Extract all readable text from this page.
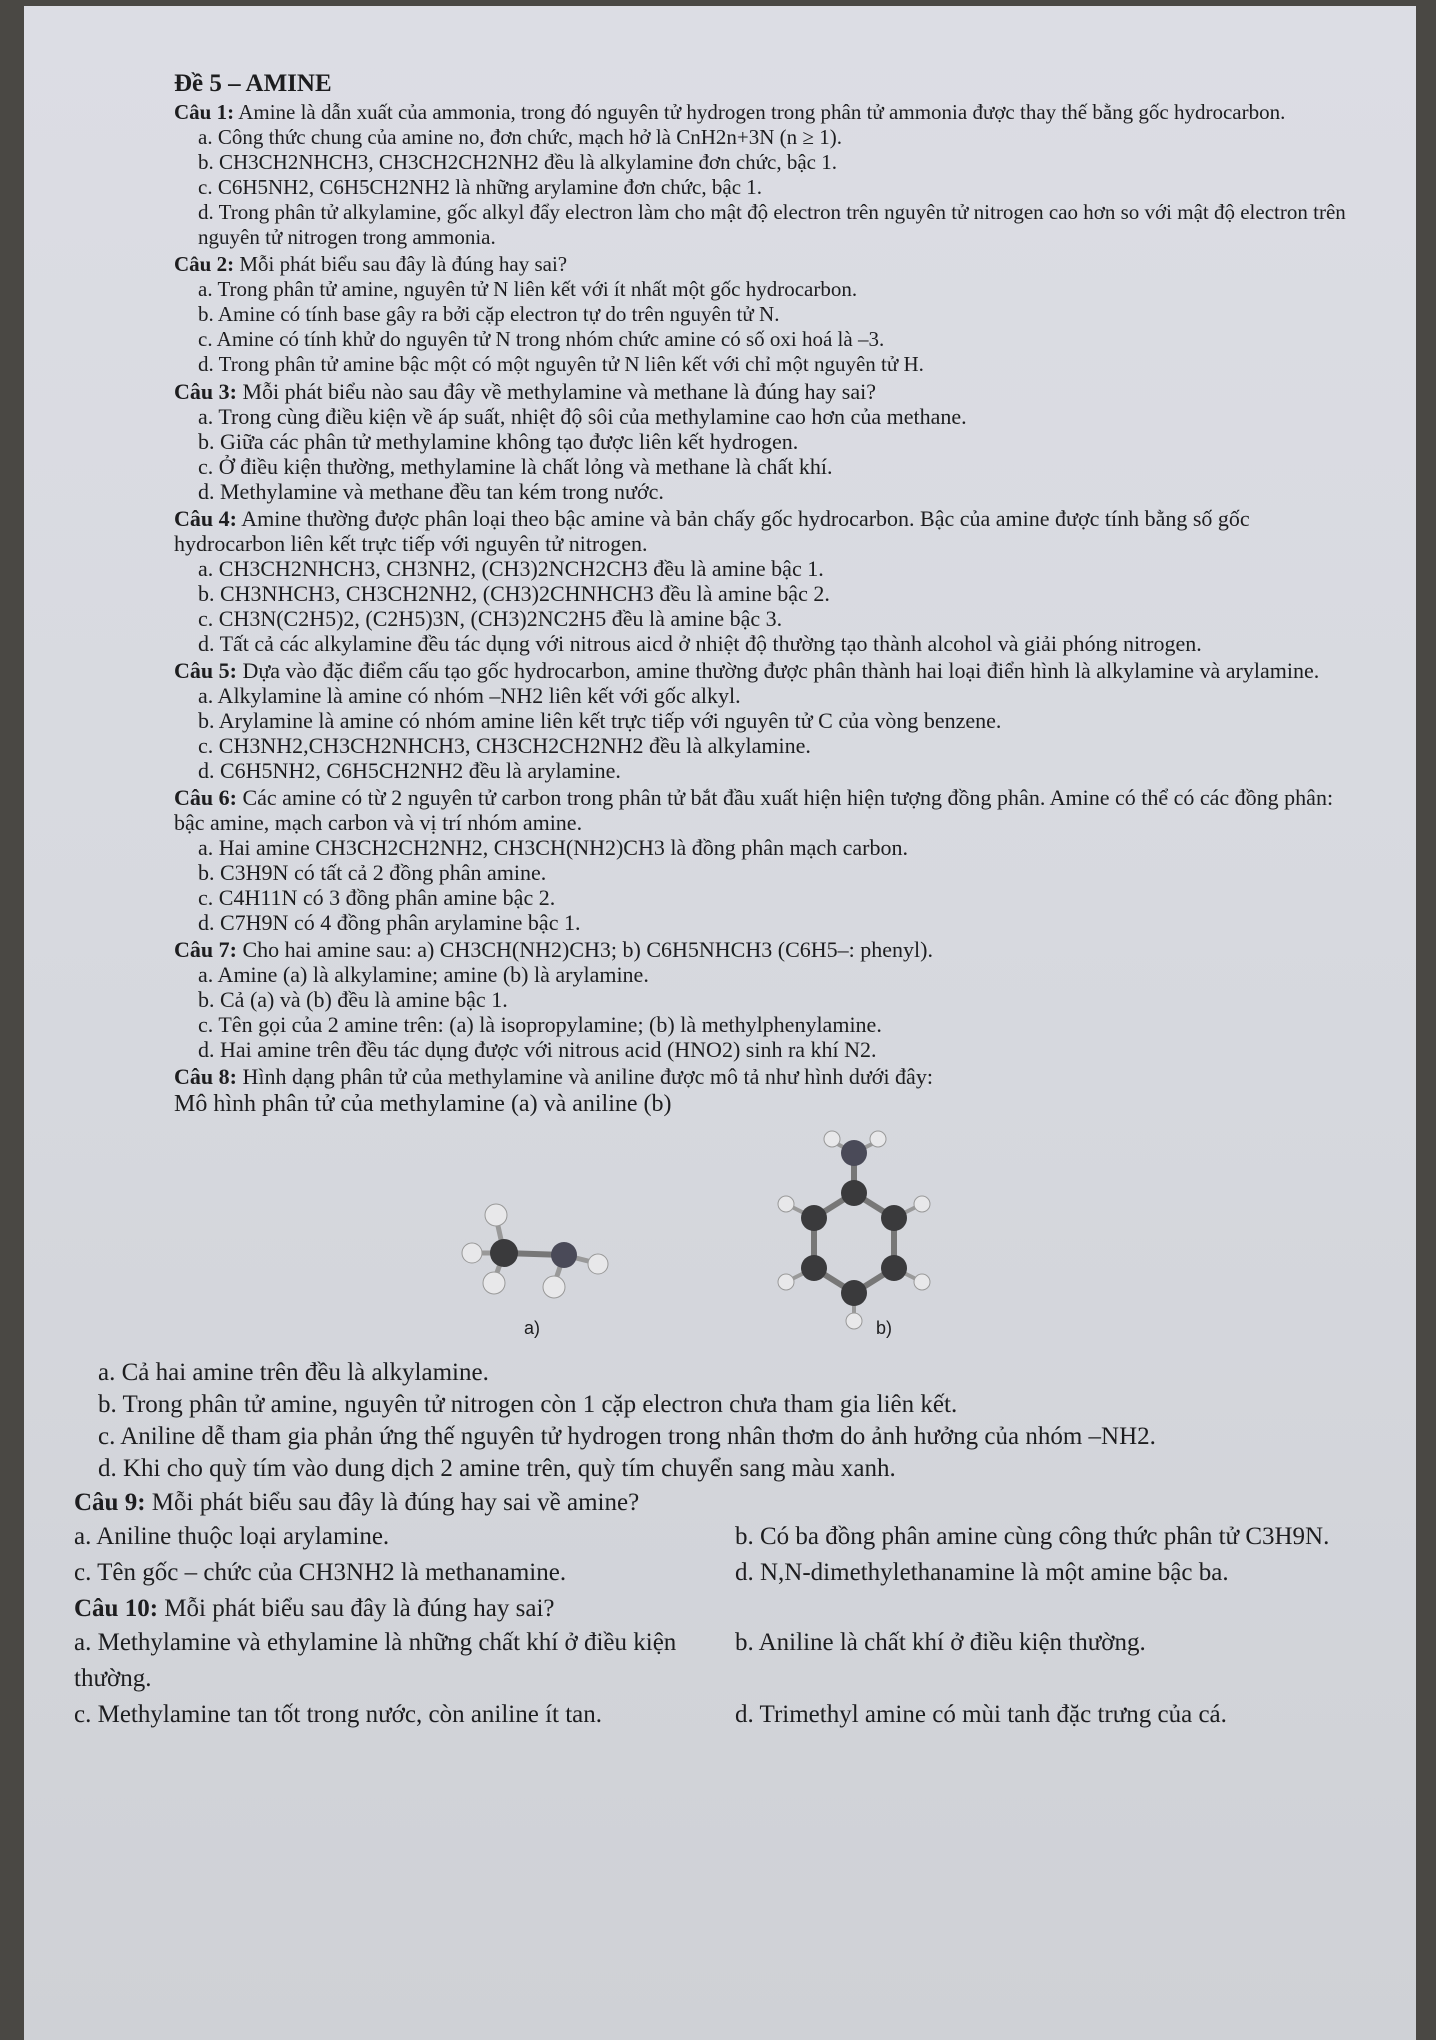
Đề 5 – AMINE
Câu 1: Amine là dẫn xuất của ammonia, trong đó nguyên tử hydrogen trong phân tử ammonia được thay thế bằng gốc hydrocarbon.
a. Công thức chung của amine no, đơn chức, mạch hở là CnH2n+3N (n ≥ 1).
b. CH3CH2NHCH3, CH3CH2CH2NH2 đều là alkylamine đơn chức, bậc 1.
c. C6H5NH2, C6H5CH2NH2 là những arylamine đơn chức, bậc 1.
d. Trong phân tử alkylamine, gốc alkyl đẩy electron làm cho mật độ electron trên nguyên tử nitrogen cao hơn so với mật độ electron trên nguyên tử nitrogen trong ammonia.
Câu 2: Mỗi phát biểu sau đây là đúng hay sai?
a. Trong phân tử amine, nguyên tử N liên kết với ít nhất một gốc hydrocarbon.
b. Amine có tính base gây ra bởi cặp electron tự do trên nguyên tử N.
c. Amine có tính khử do nguyên tử N trong nhóm chức amine có số oxi hoá là –3.
d. Trong phân tử amine bậc một có một nguyên tử N liên kết với chỉ một nguyên tử H.
Câu 3: Mỗi phát biểu nào sau đây về methylamine và methane là đúng hay sai?
a. Trong cùng điều kiện về áp suất, nhiệt độ sôi của methylamine cao hơn của methane.
b. Giữa các phân tử methylamine không tạo được liên kết hydrogen.
c. Ở điều kiện thường, methylamine là chất lỏng và methane là chất khí.
d. Methylamine và methane đều tan kém trong nước.
Câu 4: Amine thường được phân loại theo bậc amine và bản chấy gốc hydrocarbon. Bậc của amine được tính bằng số gốc hydrocarbon liên kết trực tiếp với nguyên tử nitrogen.
a. CH3CH2NHCH3, CH3NH2, (CH3)2NCH2CH3 đều là amine bậc 1.
b. CH3NHCH3, CH3CH2NH2, (CH3)2CHNHCH3 đều là amine bậc 2.
c. CH3N(C2H5)2, (C2H5)3N, (CH3)2NC2H5 đều là amine bậc 3.
d. Tất cả các alkylamine đều tác dụng với nitrous aicd ở nhiệt độ thường tạo thành alcohol và giải phóng nitrogen.
Câu 5: Dựa vào đặc điểm cấu tạo gốc hydrocarbon, amine thường được phân thành hai loại điển hình là alkylamine và arylamine.
a. Alkylamine là amine có nhóm –NH2 liên kết với gốc alkyl.
b. Arylamine là amine có nhóm amine liên kết trực tiếp với nguyên tử C của vòng benzene.
c. CH3NH2,CH3CH2NHCH3, CH3CH2CH2NH2 đều là alkylamine.
d. C6H5NH2, C6H5CH2NH2 đều là arylamine.
Câu 6: Các amine có từ 2 nguyên tử carbon trong phân tử bắt đầu xuất hiện hiện tượng đồng phân. Amine có thể có các đồng phân: bậc amine, mạch carbon và vị trí nhóm amine.
a. Hai amine CH3CH2CH2NH2, CH3CH(NH2)CH3 là đồng phân mạch carbon.
b. C3H9N có tất cả 2 đồng phân amine.
c. C4H11N có 3 đồng phân amine bậc 2.
d. C7H9N có 4 đồng phân arylamine bậc 1.
Câu 7: Cho hai amine sau: a) CH3CH(NH2)CH3; b) C6H5NHCH3 (C6H5–: phenyl).
a. Amine (a) là alkylamine; amine (b) là arylamine.
b. Cả (a) và (b) đều là amine bậc 1.
c. Tên gọi của 2 amine trên: (a) là isopropylamine; (b) là methylphenylamine.
d. Hai amine trên đều tác dụng được với nitrous acid (HNO2) sinh ra khí N2.
Câu 8: Hình dạng phân tử của methylamine và aniline được mô tả như hình dưới đây:
Mô hình phân tử của methylamine (a) và aniline (b)
a)	b)
a. Cả hai amine trên đều là alkylamine.
b. Trong phân tử amine, nguyên tử nitrogen còn 1 cặp electron chưa tham gia liên kết.
c. Aniline dễ tham gia phản ứng thế nguyên tử hydrogen trong nhân thơm do ảnh hưởng của nhóm –NH2.
d. Khi cho quỳ tím vào dung dịch 2 amine trên, quỳ tím chuyển sang màu xanh.
Câu 9: Mỗi phát biểu sau đây là đúng hay sai về amine?
a. Aniline thuộc loại arylamine.	b. Có ba đồng phân amine cùng công thức phân tử C3H9N.
c. Tên gốc – chức của CH3NH2 là methanamine.	d. N,N-dimethylethanamine là một amine bậc ba.
Câu 10: Mỗi phát biểu sau đây là đúng hay sai?
a. Methylamine và ethylamine là những chất khí ở điều kiện thường.
b. Aniline là chất khí ở điều kiện thường.
c. Methylamine tan tốt trong nước, còn aniline ít tan.	d. Trimethyl amine có mùi tanh đặc trưng của cá.
